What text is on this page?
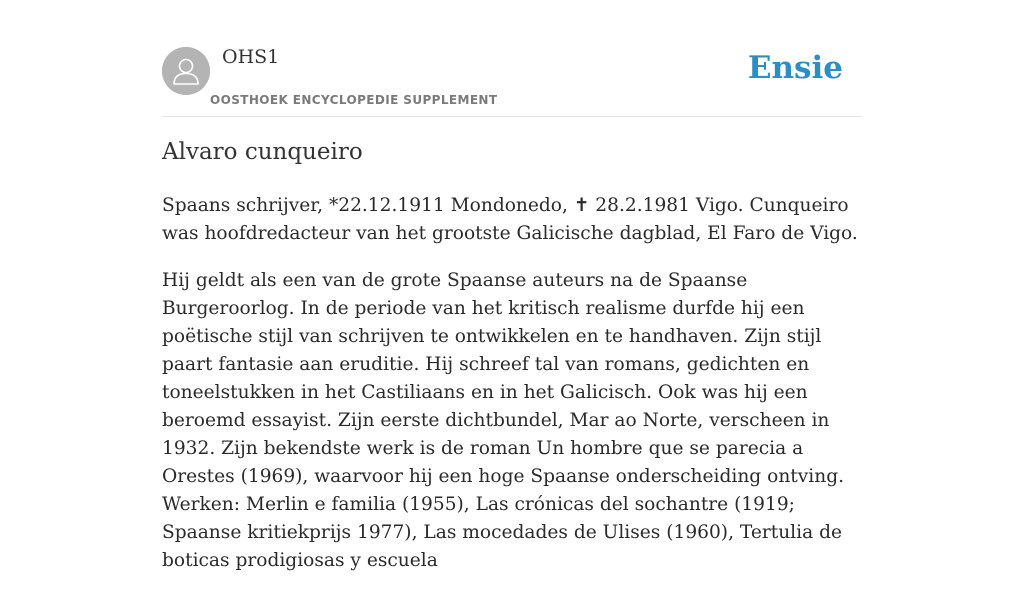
OHS1
OOSTHOEK ENCYCLOPEDIE SUPPLEMENT
Ensie
Alvaro cunqueiro

Spaans schrijver, *22.12.1911 Mondonedo, ✝ 28.2.1981 Vigo. Cunqueiro was hoofdredacteur van het grootste Galicische dagblad, El Faro de Vigo.

Hij geldt als een van de grote Spaanse auteurs na de Spaanse Burgeroorlog. In de periode van het kritisch realisme durfde hij een poëtische stijl van schrijven te ontwikkelen en te handhaven. Zijn stijl paart fantasie aan eruditie. Hij schreef tal van romans, gedichten en toneelstukken in het Castiliaans en in het Galicisch. Ook was hij een beroemd essayist. Zijn eerste dichtbundel, Mar ao Norte, verscheen in 1932. Zijn bekendste werk is de roman Un hombre que se parecia a Orestes (1969), waarvoor hij een hoge Spaanse onderscheiding ontving. Werken: Merlin e familia (1955), Las crónicas del sochantre (1919; Spaanse kritiekprijs 1977), Las mocedades de Ulises (1960), Tertulia de boticas prodigiosas y escuela
